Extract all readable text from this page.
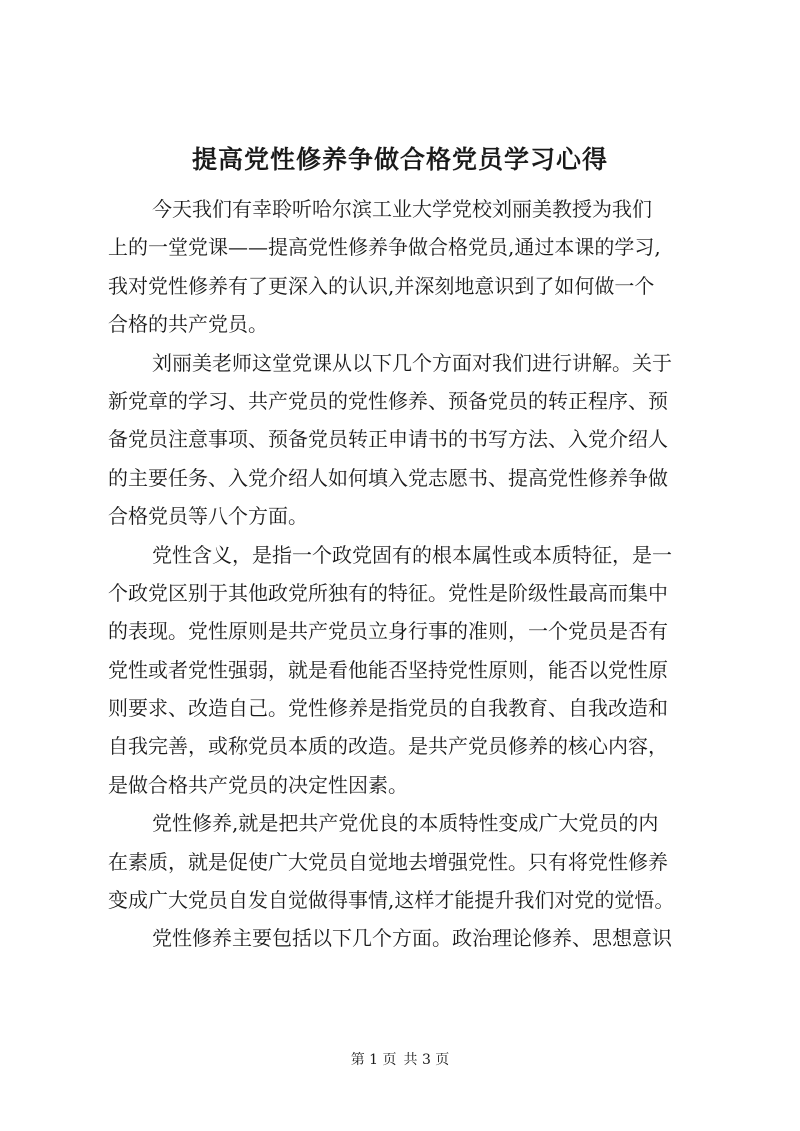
提高党性修养争做合格党员学习心得
今天我们有幸聆听哈尔滨工业大学党校刘丽美教授为我们
上的一堂党课——提高党性修养争做合格党员,通过本课的学习,
我对党性修养有了更深入的认识,并深刻地意识到了如何做一个
合格的共产党员。
刘丽美老师这堂党课从以下几个方面对我们进行讲解。关于
新党章的学习、共产党员的党性修养、预备党员的转正程序、预
备党员注意事项、预备党员转正申请书的书写方法、入党介绍人
的主要任务、入党介绍人如何填入党志愿书、提高党性修养争做
合格党员等八个方面。
党性含义，是指一个政党固有的根本属性或本质特征，是一
个政党区别于其他政党所独有的特征。党性是阶级性最高而集中
的表现。党性原则是共产党员立身行事的准则，一个党员是否有
党性或者党性强弱，就是看他能否坚持党性原则，能否以党性原
则要求、改造自己。党性修养是指党员的自我教育、自我改造和
自我完善，或称党员本质的改造。是共产党员修养的核心内容，
是做合格共产党员的决定性因素。
党性修养,就是把共产党优良的本质特性变成广大党员的内
在素质，就是促使广大党员自觉地去增强党性。只有将党性修养
变成广大党员自发自觉做得事情,这样才能提升我们对党的觉悟。
党性修养主要包括以下几个方面。政治理论修养、思想意识
第 1 页 共 3 页
